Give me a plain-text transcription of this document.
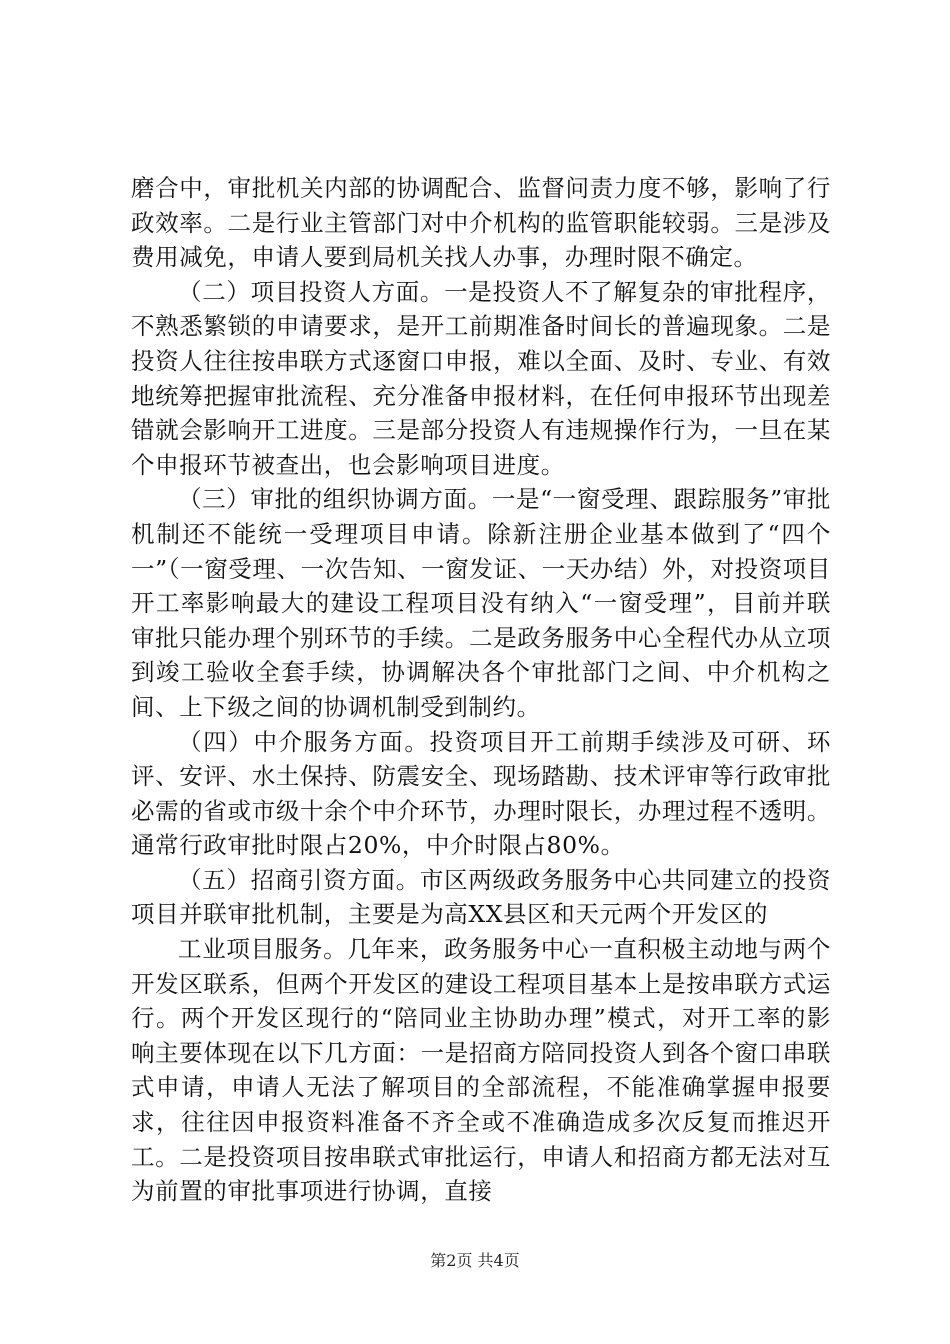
磨合中，审批机关内部的协调配合、监督问责力度不够，影响了行政效率。二是行业主管部门对中介机构的监管职能较弱。三是涉及费用减免，申请人要到局机关找人办事，办理时限不确定。

（二）项目投资人方面。一是投资人不了解复杂的审批程序，不熟悉繁锁的申请要求，是开工前期准备时间长的普遍现象。二是投资人往往按串联方式逐窗口申报，难以全面、及时、专业、有效地统筹把握审批流程、充分准备申报材料，在任何申报环节出现差错就会影响开工进度。三是部分投资人有违规操作行为，一旦在某个申报环节被查出，也会影响项目进度。

（三）审批的组织协调方面。一是“一窗受理、跟踪服务”审批机制还不能统一受理项目申请。除新注册企业基本做到了“四个一”（一窗受理、一次告知、一窗发证、一天办结）外，对投资项目开工率影响最大的建设工程项目没有纳入“一窗受理”，目前并联审批只能办理个别环节的手续。二是政务服务中心全程代办从立项到竣工验收全套手续，协调解决各个审批部门之间、中介机构之间、上下级之间的协调机制受到制约。

（四）中介服务方面。投资项目开工前期手续涉及可研、环评、安评、水土保持、防震安全、现场踏勘、技术评审等行政审批必需的省或市级十余个中介环节，办理时限长，办理过程不透明。通常行政审批时限占20%，中介时限占80%。

（五）招商引资方面。市区两级政务服务中心共同建立的投资项目并联审批机制，主要是为高XX县区和天元两个开发区的

工业项目服务。几年来，政务服务中心一直积极主动地与两个开发区联系，但两个开发区的建设工程项目基本上是按串联方式运行。两个开发区现行的“陪同业主协助办理”模式，对开工率的影响主要体现在以下几方面：一是招商方陪同投资人到各个窗口串联式申请，申请人无法了解项目的全部流程，不能准确掌握申报要求，往往因申报资料准备不齐全或不准确造成多次反复而推迟开工。二是投资项目按串联式审批运行，申请人和招商方都无法对互为前置的审批事项进行协调，直接

第2页 共4页
